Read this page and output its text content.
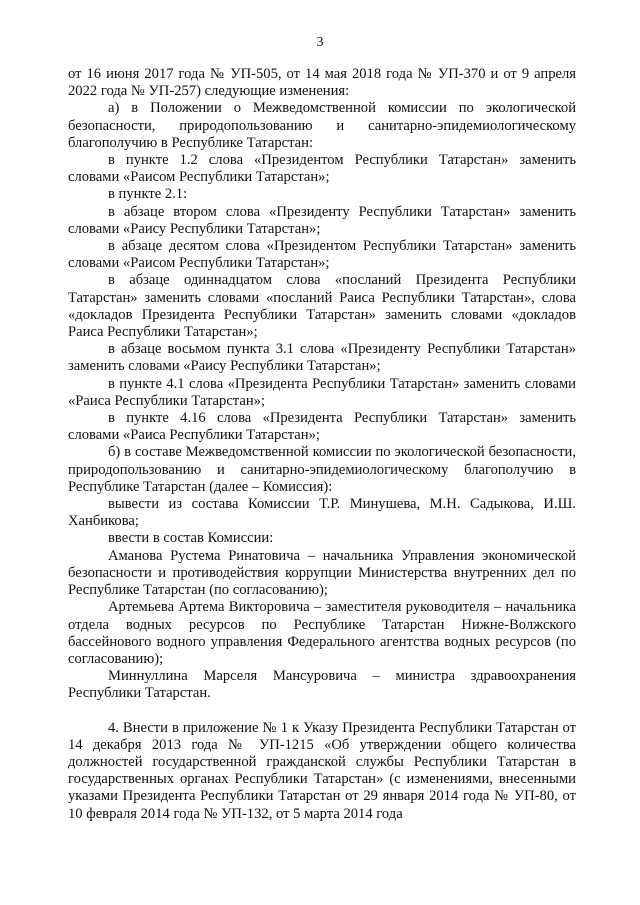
3

от 16 июня 2017 года № УП-505, от 14 мая 2018 года № УП-370 и от 9 апреля 2022 года № УП-257) следующие изменения:

а) в Положении о Межведомственной комиссии по экологической безопасности, природопользованию и санитарно-эпидемиологическому благополучию в Республике Татарстан:

в пункте 1.2 слова «Президентом Республики Татарстан» заменить словами «Раисом Республики Татарстан»;

в пункте 2.1:

в абзаце втором слова «Президенту Республики Татарстан» заменить словами «Раису Республики Татарстан»;

в абзаце десятом слова «Президентом Республики Татарстан» заменить словами «Раисом Республики Татарстан»;

в абзаце одиннадцатом слова «посланий Президента Республики Татарстан» заменить словами «посланий Раиса Республики Татарстан», слова «докладов Президента Республики Татарстан» заменить словами «докладов Раиса Республики Татарстан»;

в абзаце восьмом пункта 3.1 слова «Президенту Республики Татарстан» заменить словами «Раису Республики Татарстан»;

в пункте 4.1 слова «Президента Республики Татарстан» заменить словами «Раиса Республики Татарстан»;

в пункте 4.16 слова «Президента Республики Татарстан» заменить словами «Раиса Республики Татарстан»;

б) в составе Межведомственной комиссии по экологической безопасности, природопользованию и санитарно-эпидемиологическому благополучию в Республике Татарстан (далее – Комиссия):

вывести из состава Комиссии Т.Р. Минушева, М.Н. Садыкова, И.Ш. Ханбикова;

ввести в состав Комиссии:

Аманова Рустема Ринатовича – начальника Управления экономической безопасности и противодействия коррупции Министерства внутренних дел по Республике Татарстан (по согласованию);

Артемьева Артема Викторовича – заместителя руководителя – начальника отдела водных ресурсов по Республике Татарстан Нижне-Волжского бассейнового водного управления Федерального агентства водных ресурсов (по согласованию);

Миннуллина Марселя Мансуровича – министра здравоохранения Республики Татарстан.

4. Внести в приложение № 1 к Указу Президента Республики Татарстан от 14 декабря 2013 года № УП-1215 «Об утверждении общего количества должностей государственной гражданской службы Республики Татарстан в государственных органах Республики Татарстан» (с изменениями, внесенными указами Президента Республики Татарстан от 29 января 2014 года № УП-80, от 10 февраля 2014 года № УП-132, от 5 марта 2014 года
